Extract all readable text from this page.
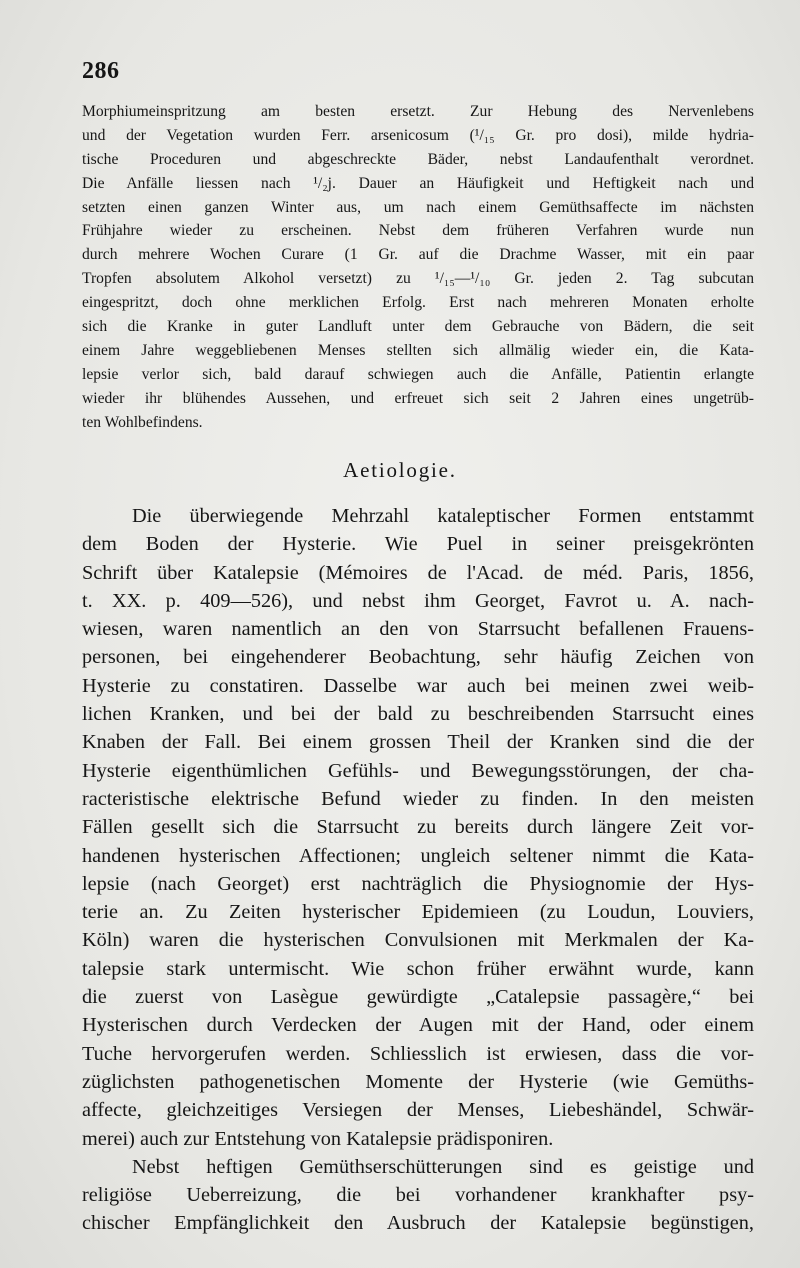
286
Morphiumeinspritzung am besten ersetzt. Zur Hebung des Nervenlebens
und der Vegetation wurden Ferr. arsenicosum (¹/₁₅ Gr. pro dosi), milde hydria-
tische Proceduren und abgeschreckte Bäder, nebst Landaufenthalt verordnet.
Die Anfälle liessen nach ¹/₂j. Dauer an Häufigkeit und Heftigkeit nach und
setzten einen ganzen Winter aus, um nach einem Gemüthsaffecte im nächsten
Frühjahre wieder zu erscheinen. Nebst dem früheren Verfahren wurde nun
durch mehrere Wochen Curare (1 Gr. auf die Drachme Wasser, mit ein paar
Tropfen absolutem Alkohol versetzt) zu ¹/₁₅—¹/₁₀ Gr. jeden 2. Tag subcutan
eingespritzt, doch ohne merklichen Erfolg. Erst nach mehreren Monaten erholte
sich die Kranke in guter Landluft unter dem Gebrauche von Bädern, die seit
einem Jahre weggebliebenen Menses stellten sich allmälig wieder ein, die Kata-
lepsie verlor sich, bald darauf schwiegen auch die Anfälle, Patientin erlangte
wieder ihr blühendes Aussehen, und erfreuet sich seit 2 Jahren eines ungetrüb-
ten Wohlbefindens.
Aetiologie.
Die überwiegende Mehrzahl kataleptischer Formen entstammt
dem Boden der Hysterie. Wie Puel in seiner preisgekrönten
Schrift über Katalepsie (Mémoires de l'Acad. de méd. Paris, 1856,
t. XX. p. 409—526), und nebst ihm Georget, Favrot u. A. nach-
wiesen, waren namentlich an den von Starrsucht befallenen Frauens-
personen, bei eingehenderer Beobachtung, sehr häufig Zeichen von
Hysterie zu constatiren. Dasselbe war auch bei meinen zwei weib-
lichen Kranken, und bei der bald zu beschreibenden Starrsucht eines
Knaben der Fall. Bei einem grossen Theil der Kranken sind die der
Hysterie eigenthümlichen Gefühls- und Bewegungsstörungen, der cha-
racteristische elektrische Befund wieder zu finden. In den meisten
Fällen gesellt sich die Starrsucht zu bereits durch längere Zeit vor-
handenen hysterischen Affectionen; ungleich seltener nimmt die Kata-
lepsie (nach Georget) erst nachträglich die Physiognomie der Hys-
terie an. Zu Zeiten hysterischer Epidemieen (zu Loudun, Louviers,
Köln) waren die hysterischen Convulsionen mit Merkmalen der Ka-
talepsie stark untermischt. Wie schon früher erwähnt wurde, kann
die zuerst von Lasègue gewürdigte „Catalepsie passagère,“ bei
Hysterischen durch Verdecken der Augen mit der Hand, oder einem
Tuche hervorgerufen werden. Schliesslich ist erwiesen, dass die vor-
züglichsten pathogenetischen Momente der Hysterie (wie Gemüths-
affecte, gleichzeitiges Versiegen der Menses, Liebeshändel, Schwär-
merei) auch zur Entstehung von Katalepsie prädisponiren.
Nebst heftigen Gemüthserschütterungen sind es geistige und
religiöse Ueberreizung, die bei vorhandener krankhafter psy-
chischer Empfänglichkeit den Ausbruch der Katalepsie begünstigen,
